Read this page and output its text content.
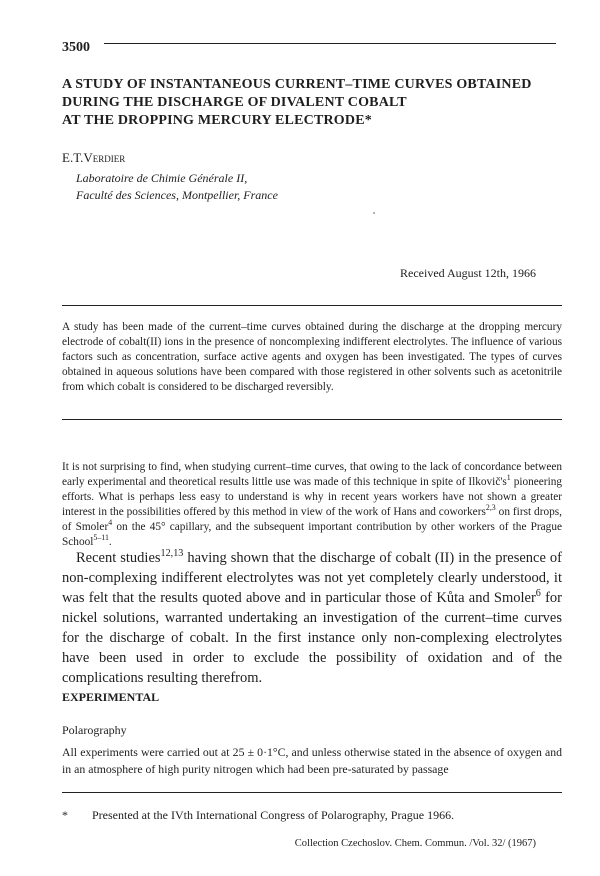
3500
A STUDY OF INSTANTANEOUS CURRENT–TIME CURVES OBTAINED
DURING THE DISCHARGE OF DIVALENT COBALT
AT THE DROPPING MERCURY ELECTRODE*
E.T.Verdier
Laboratoire de Chimie Générale II,
Faculté des Sciences, Montpellier, France
Received August 12th, 1966
A study has been made of the current–time curves obtained during the discharge at the dropping mercury electrode of cobalt(II) ions in the presence of noncomplexing indifferent electrolytes. The influence of various factors such as concentration, surface active agents and oxygen has been investigated. The types of curves obtained in aqueous solutions have been compared with those registered in other solvents such as acetonitrile from which cobalt is considered to be discharged reversibly.
It is not surprising to find, when studying current–time curves, that owing to the lack of concordance between early experimental and theoretical results little use was made of this technique in spite of $Ilkovič's^1$ pioneering efforts. What is perhaps less easy to understand is why in recent years workers have not shown a greater interest in the possibilities offered by this method in view of the work of Hans and coworkers$^{2,3}$ on first drops, of Smoler$^4$ on the 45° capillary, and the subsequent important contribution by other workers of the Prague School$^{5-11}$.
Recent studies$^{12,13}$ having shown that the discharge of cobalt (II) in the presence of non-complexing indifferent electrolytes was not yet completely clearly understood, it was felt that the results quoted above and in particular those of Kůta and Smoler$^6$ for nickel solutions, warranted undertaking an investigation of the current–time curves for the discharge of cobalt. In the first instance only non-complexing electrolytes have been used in order to exclude the possibility of oxidation and of the complications resulting therefrom.
EXPERIMENTAL
Polarography
All experiments were carried out at 25 ± 0·1°C, and unless otherwise stated in the absence of oxygen and in an atmosphere of high purity nitrogen which had been pre-saturated by passage
* Presented at the IVth International Congress of Polarography, Prague 1966.
Collection Czechoslov. Chem. Commun. /Vol. 32/ (1967)
